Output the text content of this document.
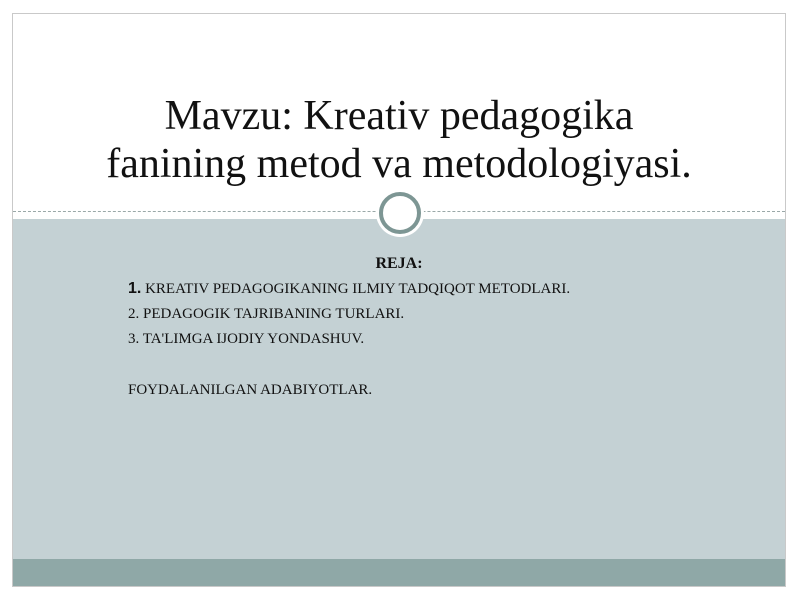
Mavzu: Kreativ pedagogika
fanining metod va metodologiyasi.
REJA:
1. KREATIV PEDAGOGIKANING ILMIY TADQIQOT METODLARI.
2. PEDAGOGIK TAJRIBANING TURLARI.
3. TA'LIMGA IJODIY YONDASHUV.
FOYDALANILGAN ADABIYOTLAR.
